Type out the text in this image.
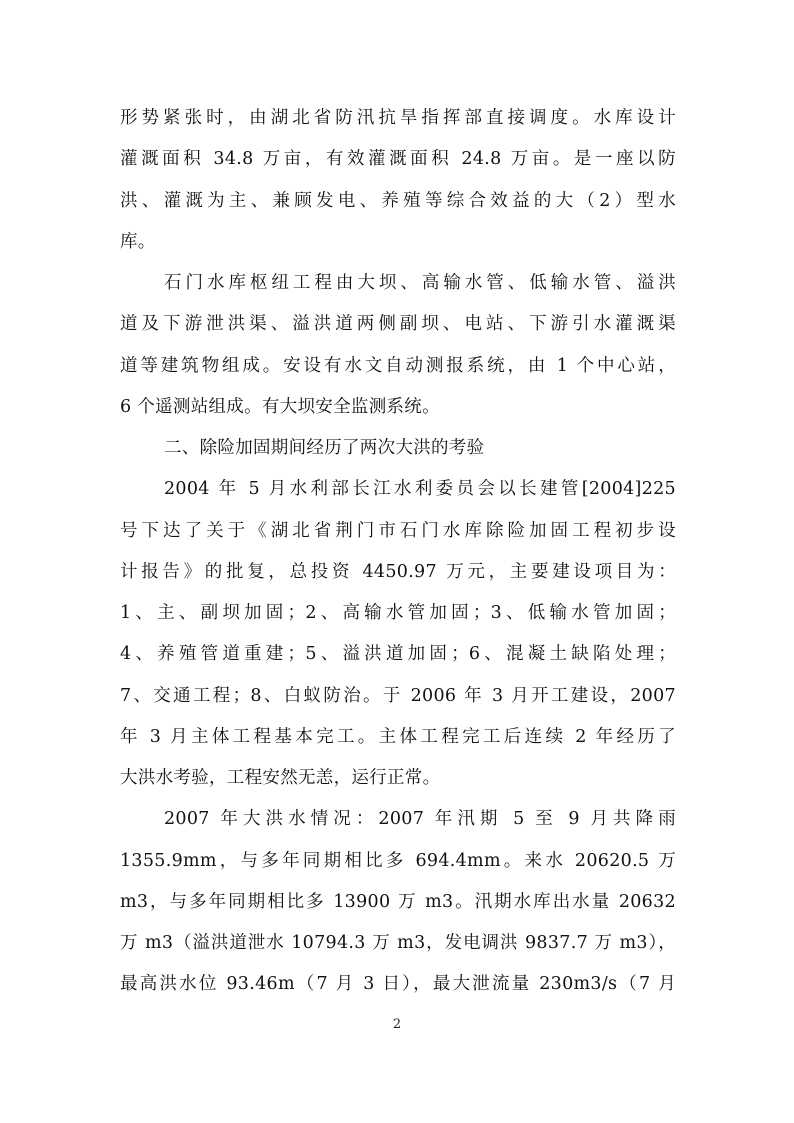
形势紧张时，由湖北省防汛抗旱指挥部直接调度。水库设计
灌溉面积 34.8 万亩，有效灌溉面积 24.8 万亩。是一座以防
洪、灌溉为主、兼顾发电、养殖等综合效益的大（2）型水
库。
石门水库枢纽工程由大坝、高输水管、低输水管、溢洪
道及下游泄洪渠、溢洪道两侧副坝、电站、下游引水灌溉渠
道等建筑物组成。安设有水文自动测报系统，由 1 个中心站，
6 个遥测站组成。有大坝安全监测系统。
二、除险加固期间经历了两次大洪的考验
2004 年 5 月水利部长江水利委员会以长建管[2004]225
号下达了关于《湖北省荆门市石门水库除险加固工程初步设
计报告》的批复，总投资 4450.97 万元，主要建设项目为：
1、主、副坝加固；2、高输水管加固；3、低输水管加固；
4、养殖管道重建；5、溢洪道加固；6、混凝土缺陷处理；
7、交通工程；8、白蚁防治。于 2006 年 3 月开工建设，2007
年 3 月主体工程基本完工。主体工程完工后连续 2 年经历了
大洪水考验，工程安然无恙，运行正常。
2007 年大洪水情况：2007 年汛期 5 至 9 月共降雨
1355.9mm，与多年同期相比多 694.4mm。来水 20620.5 万
m3，与多年同期相比多 13900 万 m3。汛期水库出水量 20632
万 m3（溢洪道泄水 10794.3 万 m3，发电调洪 9837.7 万 m3），
最高洪水位 93.46m（7 月 3 日），最大泄流量 230m3/s（7 月
2
